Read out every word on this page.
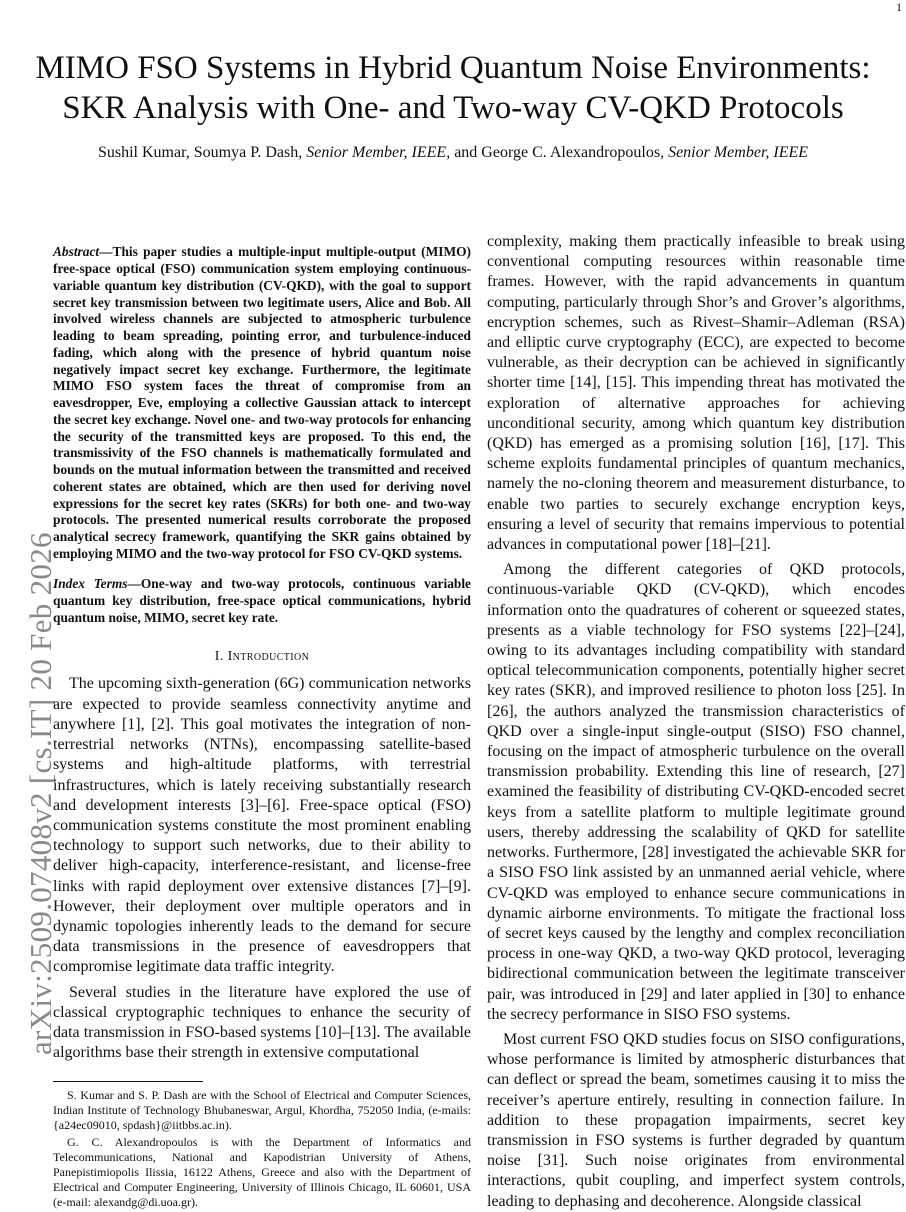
1
arXiv:2509.07408v2 [cs.IT] 20 Feb 2026
MIMO FSO Systems in Hybrid Quantum Noise Environments:
SKR Analysis with One- and Two-way CV-QKD Protocols
Sushil Kumar, Soumya P. Dash, Senior Member, IEEE, and George C. Alexandropoulos, Senior Member, IEEE

Abstract—This paper studies a multiple-input multiple-output (MIMO) free-space optical (FSO) communication system employing continuous-variable quantum key distribution (CV-QKD), with the goal to support secret key transmission between two legitimate users, Alice and Bob. All involved wireless channels are subjected to atmospheric turbulence leading to beam spreading, pointing error, and turbulence-induced fading, which along with the presence of hybrid quantum noise negatively impact secret key exchange. Furthermore, the legitimate MIMO FSO system faces the threat of compromise from an eavesdropper, Eve, employing a collective Gaussian attack to intercept the secret key exchange. Novel one- and two-way protocols for enhancing the security of the transmitted keys are proposed. To this end, the transmissivity of the FSO channels is mathematically formulated and bounds on the mutual information between the transmitted and received coherent states are obtained, which are then used for deriving novel expressions for the secret key rates (SKRs) for both one- and two-way protocols. The presented numerical results corroborate the proposed analytical secrecy framework, quantifying the SKR gains obtained by employing MIMO and the two-way protocol for FSO CV-QKD systems.

Index Terms—One-way and two-way protocols, continuous variable quantum key distribution, free-space optical communications, hybrid quantum noise, MIMO, secret key rate.

I. Introduction

The upcoming sixth-generation (6G) communication networks are expected to provide seamless connectivity anytime and anywhere [1], [2]. This goal motivates the integration of non-terrestrial networks (NTNs), encompassing satellite-based systems and high-altitude platforms, with terrestrial infrastructures, which is lately receiving substantially research and development interests [3]–[6]. Free-space optical (FSO) communication systems constitute the most prominent enabling technology to support such networks, due to their ability to deliver high-capacity, interference-resistant, and license-free links with rapid deployment over extensive distances [7]–[9]. However, their deployment over multiple operators and in dynamic topologies inherently leads to the demand for secure data transmissions in the presence of eavesdroppers that compromise legitimate data traffic integrity.

Several studies in the literature have explored the use of classical cryptographic techniques to enhance the security of data transmission in FSO-based systems [10]–[13]. The available algorithms base their strength in extensive computational

S. Kumar and S. P. Dash are with the School of Electrical and Computer Sciences, Indian Institute of Technology Bhubaneswar, Argul, Khordha, 752050 India, (e-mails: {a24ec09010, spdash}@iitbbs.ac.in).

G. C. Alexandropoulos is with the Department of Informatics and Telecommunications, National and Kapodistrian University of Athens, Panepistimiopolis Ilissia, 16122 Athens, Greece and also with the Department of Electrical and Computer Engineering, University of Illinois Chicago, IL 60601, USA (e-mail: alexandg@di.uoa.gr).

complexity, making them practically infeasible to break using conventional computing resources within reasonable time frames. However, with the rapid advancements in quantum computing, particularly through Shor’s and Grover’s algorithms, encryption schemes, such as Rivest–Shamir–Adleman (RSA) and elliptic curve cryptography (ECC), are expected to become vulnerable, as their decryption can be achieved in significantly shorter time [14], [15]. This impending threat has motivated the exploration of alternative approaches for achieving unconditional security, among which quantum key distribution (QKD) has emerged as a promising solution [16], [17]. This scheme exploits fundamental principles of quantum mechanics, namely the no-cloning theorem and measurement disturbance, to enable two parties to securely exchange encryption keys, ensuring a level of security that remains impervious to potential advances in computational power [18]–[21].

Among the different categories of QKD protocols, continuous-variable QKD (CV-QKD), which encodes information onto the quadratures of coherent or squeezed states, presents as a viable technology for FSO systems [22]–[24], owing to its advantages including compatibility with standard optical telecommunication components, potentially higher secret key rates (SKR), and improved resilience to photon loss [25]. In [26], the authors analyzed the transmission characteristics of QKD over a single-input single-output (SISO) FSO channel, focusing on the impact of atmospheric turbulence on the overall transmission probability. Extending this line of research, [27] examined the feasibility of distributing CV-QKD-encoded secret keys from a satellite platform to multiple legitimate ground users, thereby addressing the scalability of QKD for satellite networks. Furthermore, [28] investigated the achievable SKR for a SISO FSO link assisted by an unmanned aerial vehicle, where CV-QKD was employed to enhance secure communications in dynamic airborne environments. To mitigate the fractional loss of secret keys caused by the lengthy and complex reconciliation process in one-way QKD, a two-way QKD protocol, leveraging bidirectional communication between the legitimate transceiver pair, was introduced in [29] and later applied in [30] to enhance the secrecy performance in SISO FSO systems.

Most current FSO QKD studies focus on SISO configurations, whose performance is limited by atmospheric disturbances that can deflect or spread the beam, sometimes causing it to miss the receiver’s aperture entirely, resulting in connection failure. In addition to these propagation impairments, secret key transmission in FSO systems is further degraded by quantum noise [31]. Such noise originates from environmental interactions, qubit coupling, and imperfect system controls, leading to dephasing and decoherence. Alongside classical
